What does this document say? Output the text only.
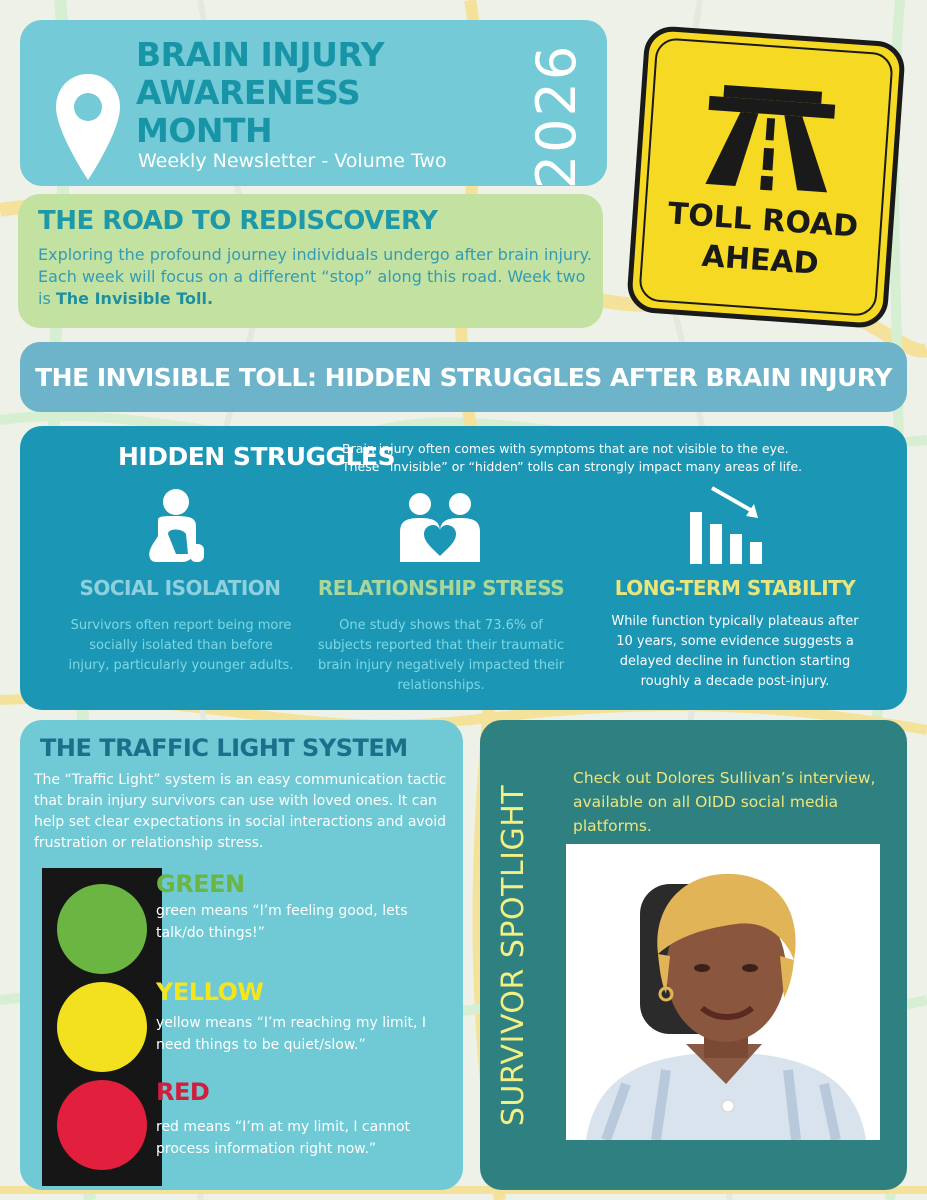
BRAIN INJURY AWARENESS MONTH
Weekly Newsletter - Volume Two 2026
TOLL ROAD
AHEAD
THE ROAD TO REDISCOVERY
Exploring the profound journey individuals undergo after brain injury. Each week will focus on a different “stop” along this road. Week two is The Invisible Toll.
THE INVISIBLE TOLL: HIDDEN STRUGGLES AFTER BRAIN INJURY
HIDDEN STRUGGLES
Brain injury often comes with symptoms that are not visible to the eye. These “invisible” or “hidden” tolls can strongly impact many areas of life.
SOCIAL ISOLATION	RELATIONSHIP STRESS	LONG-TERM STABILITY
Survivors often report being more socially isolated than before injury, particularly younger adults.
One study shows that 73.6% of subjects reported that their traumatic brain injury negatively impacted their relationships.
While function typically plateaus after 10 years, some evidence suggests a delayed decline in function starting roughly a decade post-injury.
THE TRAFFIC LIGHT SYSTEM
The “Traffic Light” system is an easy communication tactic that brain injury survivors can use with loved ones. It can help set clear expectations in social interactions and avoid frustration or relationship stress.
GREEN
green means “I’m feeling good, lets talk/do things!”
YELLOW
yellow means “I’m reaching my limit, I need things to be quiet/slow.”
RED
red means “I’m at my limit, I cannot process information right now.”
SURVIVOR SPOTLIGHT
Check out Dolores Sullivan’s interview, available on all OIDD social media platforms.
